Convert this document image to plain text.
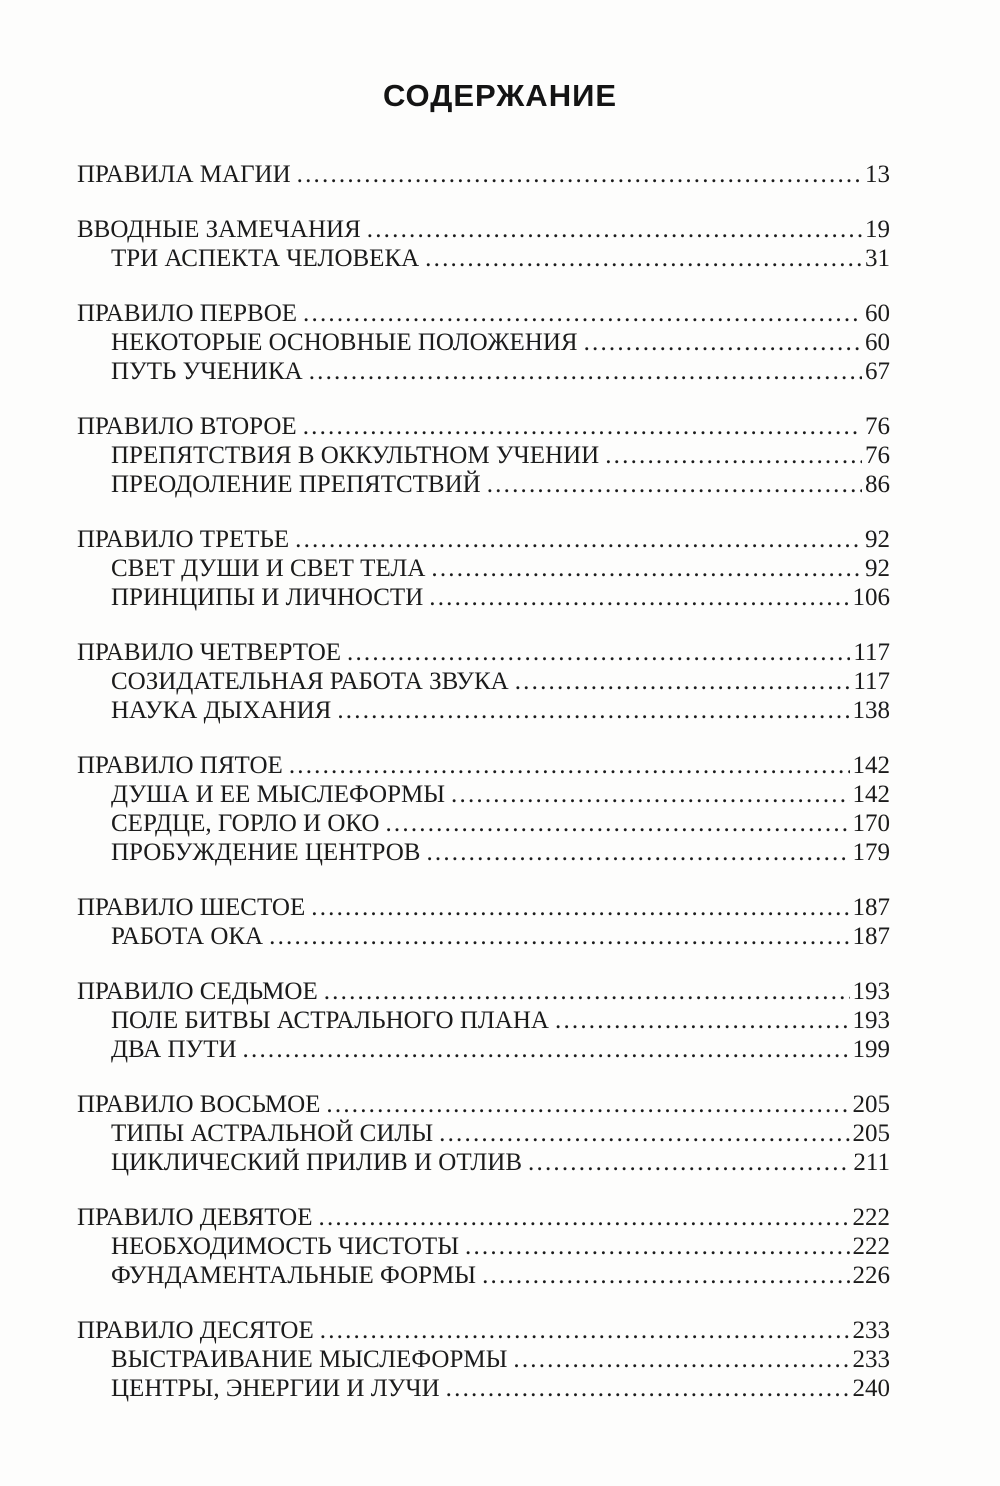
СОДЕРЖАНИЕ
ПРАВИЛА МАГИИ .....	13
ВВОДНЫЕ ЗАМЕЧАНИЯ .....	19
ТРИ АСПЕКТА ЧЕЛОВЕКА .....	31
ПРАВИЛО ПЕРВОЕ .....	60
НЕКОТОРЫЕ ОСНОВНЫЕ ПОЛОЖЕНИЯ .....	60
ПУТЬ УЧЕНИКА .....	67
ПРАВИЛО ВТОРОЕ .....	76
ПРЕПЯТСТВИЯ В ОККУЛЬТНОМ УЧЕНИИ .....	76
ПРЕОДОЛЕНИЕ ПРЕПЯТСТВИЙ .....	86
ПРАВИЛО ТРЕТЬЕ .....	92
СВЕТ ДУШИ И СВЕТ ТЕЛА .....	92
ПРИНЦИПЫ И ЛИЧНОСТИ .....	106
ПРАВИЛО ЧЕТВЕРТОЕ .....	117
СОЗИДАТЕЛЬНАЯ РАБОТА ЗВУКА .....	117
НАУКА ДЫХАНИЯ .....	138
ПРАВИЛО ПЯТОЕ .....	142
ДУША И ЕЕ МЫСЛЕФОРМЫ .....	142
СЕРДЦЕ, ГОРЛО И ОКО .....	170
ПРОБУЖДЕНИЕ ЦЕНТРОВ .....	179
ПРАВИЛО ШЕСТОЕ .....	187
РАБОТА ОКА .....	187
ПРАВИЛО СЕДЬМОЕ .....	193
ПОЛЕ БИТВЫ АСТРАЛЬНОГО ПЛАНА .....	193
ДВА ПУТИ .....	199
ПРАВИЛО ВОСЬМОЕ .....	205
ТИПЫ АСТРАЛЬНОЙ СИЛЫ .....	205
ЦИКЛИЧЕСКИЙ ПРИЛИВ И ОТЛИВ .....	211
ПРАВИЛО ДЕВЯТОЕ .....	222
НЕОБХОДИМОСТЬ ЧИСТОТЫ .....	222
ФУНДАМЕНТАЛЬНЫЕ ФОРМЫ .....	226
ПРАВИЛО ДЕСЯТОЕ .....	233
ВЫСТРАИВАНИЕ МЫСЛЕФОРМЫ .....	233
ЦЕНТРЫ, ЭНЕРГИИ И ЛУЧИ .....	240
